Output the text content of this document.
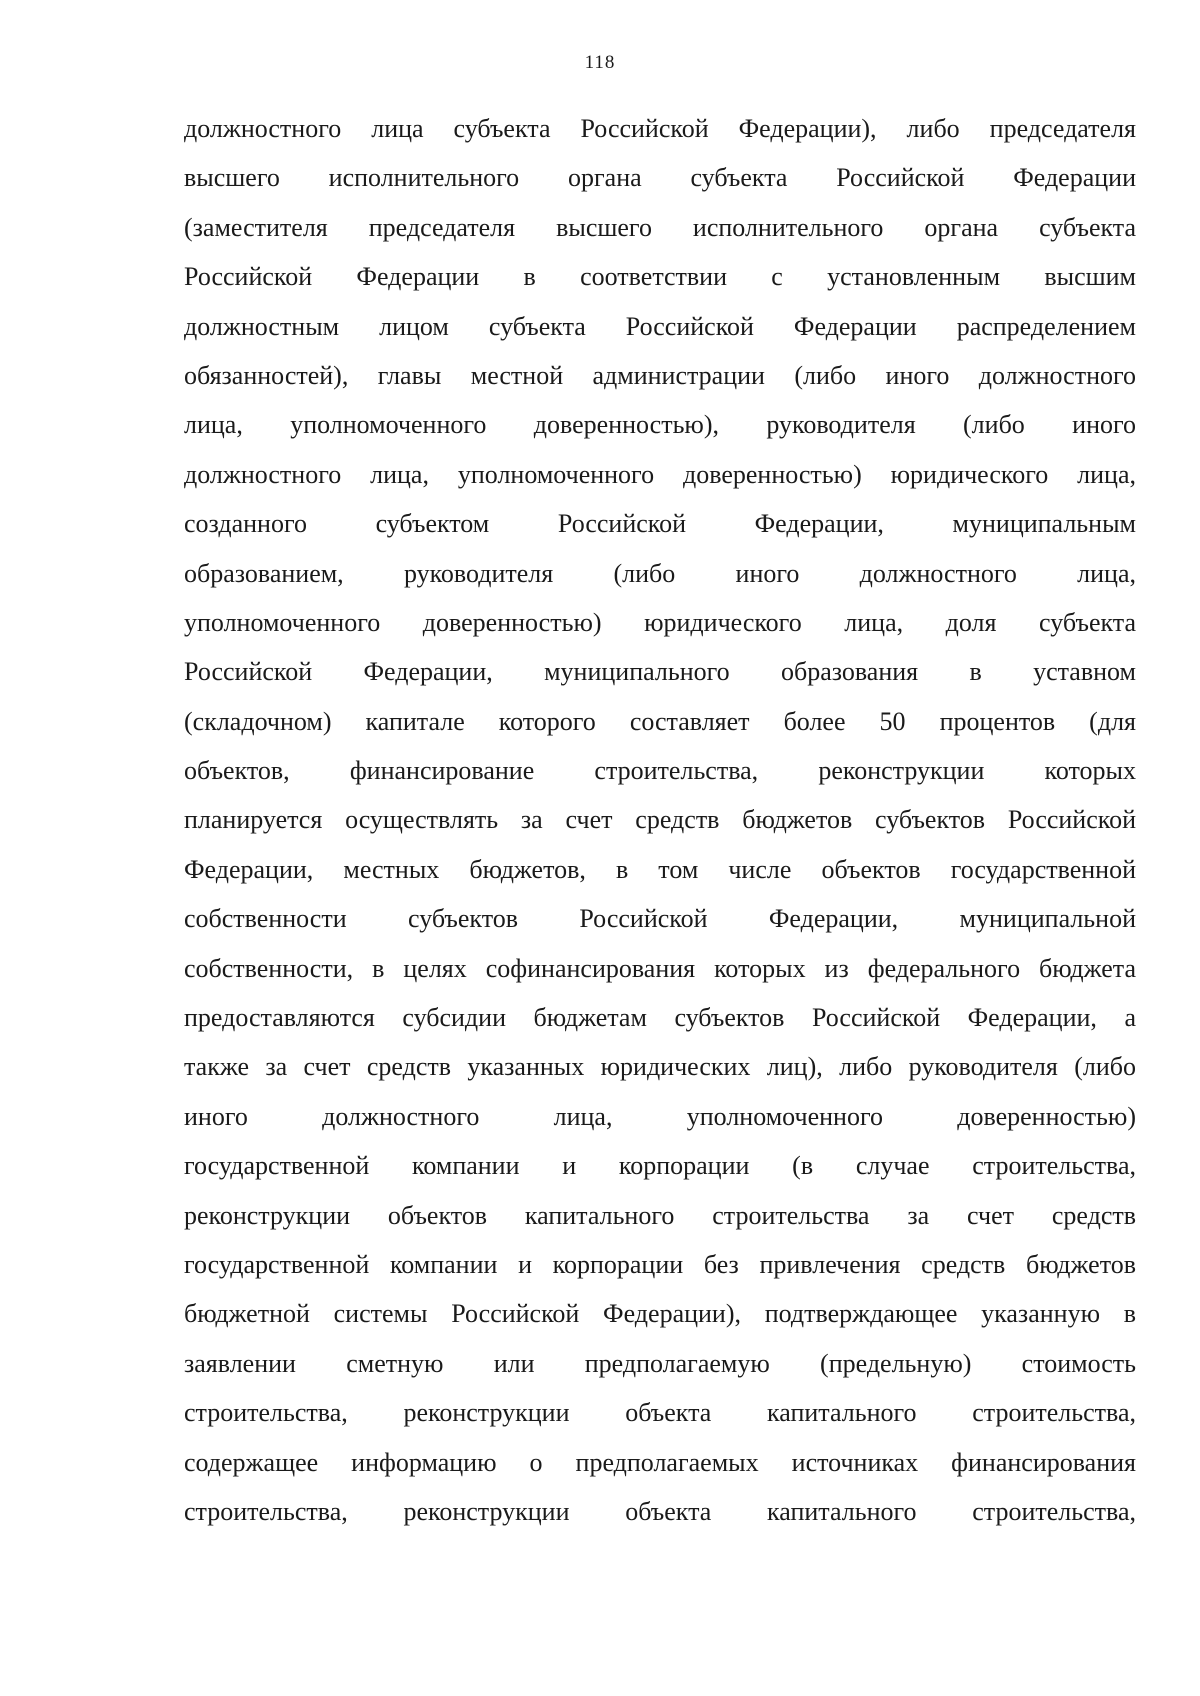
118
должностного лица субъекта Российской Федерации), либо председателя
высшего исполнительного органа субъекта Российской Федерации
(заместителя председателя высшего исполнительного органа субъекта
Российской Федерации в соответствии с установленным высшим
должностным лицом субъекта Российской Федерации распределением
обязанностей), главы местной администрации (либо иного должностного
лица, уполномоченного доверенностью), руководителя (либо иного
должностного лица, уполномоченного доверенностью) юридического лица,
созданного субъектом Российской Федерации, муниципальным
образованием, руководителя (либо иного должностного лица,
уполномоченного доверенностью) юридического лица, доля субъекта
Российской Федерации, муниципального образования в уставном
(складочном) капитале которого составляет более 50 процентов (для
объектов, финансирование строительства, реконструкции которых
планируется осуществлять за счет средств бюджетов субъектов Российской
Федерации, местных бюджетов, в том числе объектов государственной
собственности субъектов Российской Федерации, муниципальной
собственности, в целях софинансирования которых из федерального бюджета
предоставляются субсидии бюджетам субъектов Российской Федерации, а
также за счет средств указанных юридических лиц), либо руководителя (либо
иного должностного лица, уполномоченного доверенностью)
государственной компании и корпорации (в случае строительства,
реконструкции объектов капитального строительства за счет средств
государственной компании и корпорации без привлечения средств бюджетов
бюджетной системы Российской Федерации), подтверждающее указанную в
заявлении сметную или предполагаемую (предельную) стоимость
строительства, реконструкции объекта капитального строительства,
содержащее информацию о предполагаемых источниках финансирования
строительства, реконструкции объекта капитального строительства,
